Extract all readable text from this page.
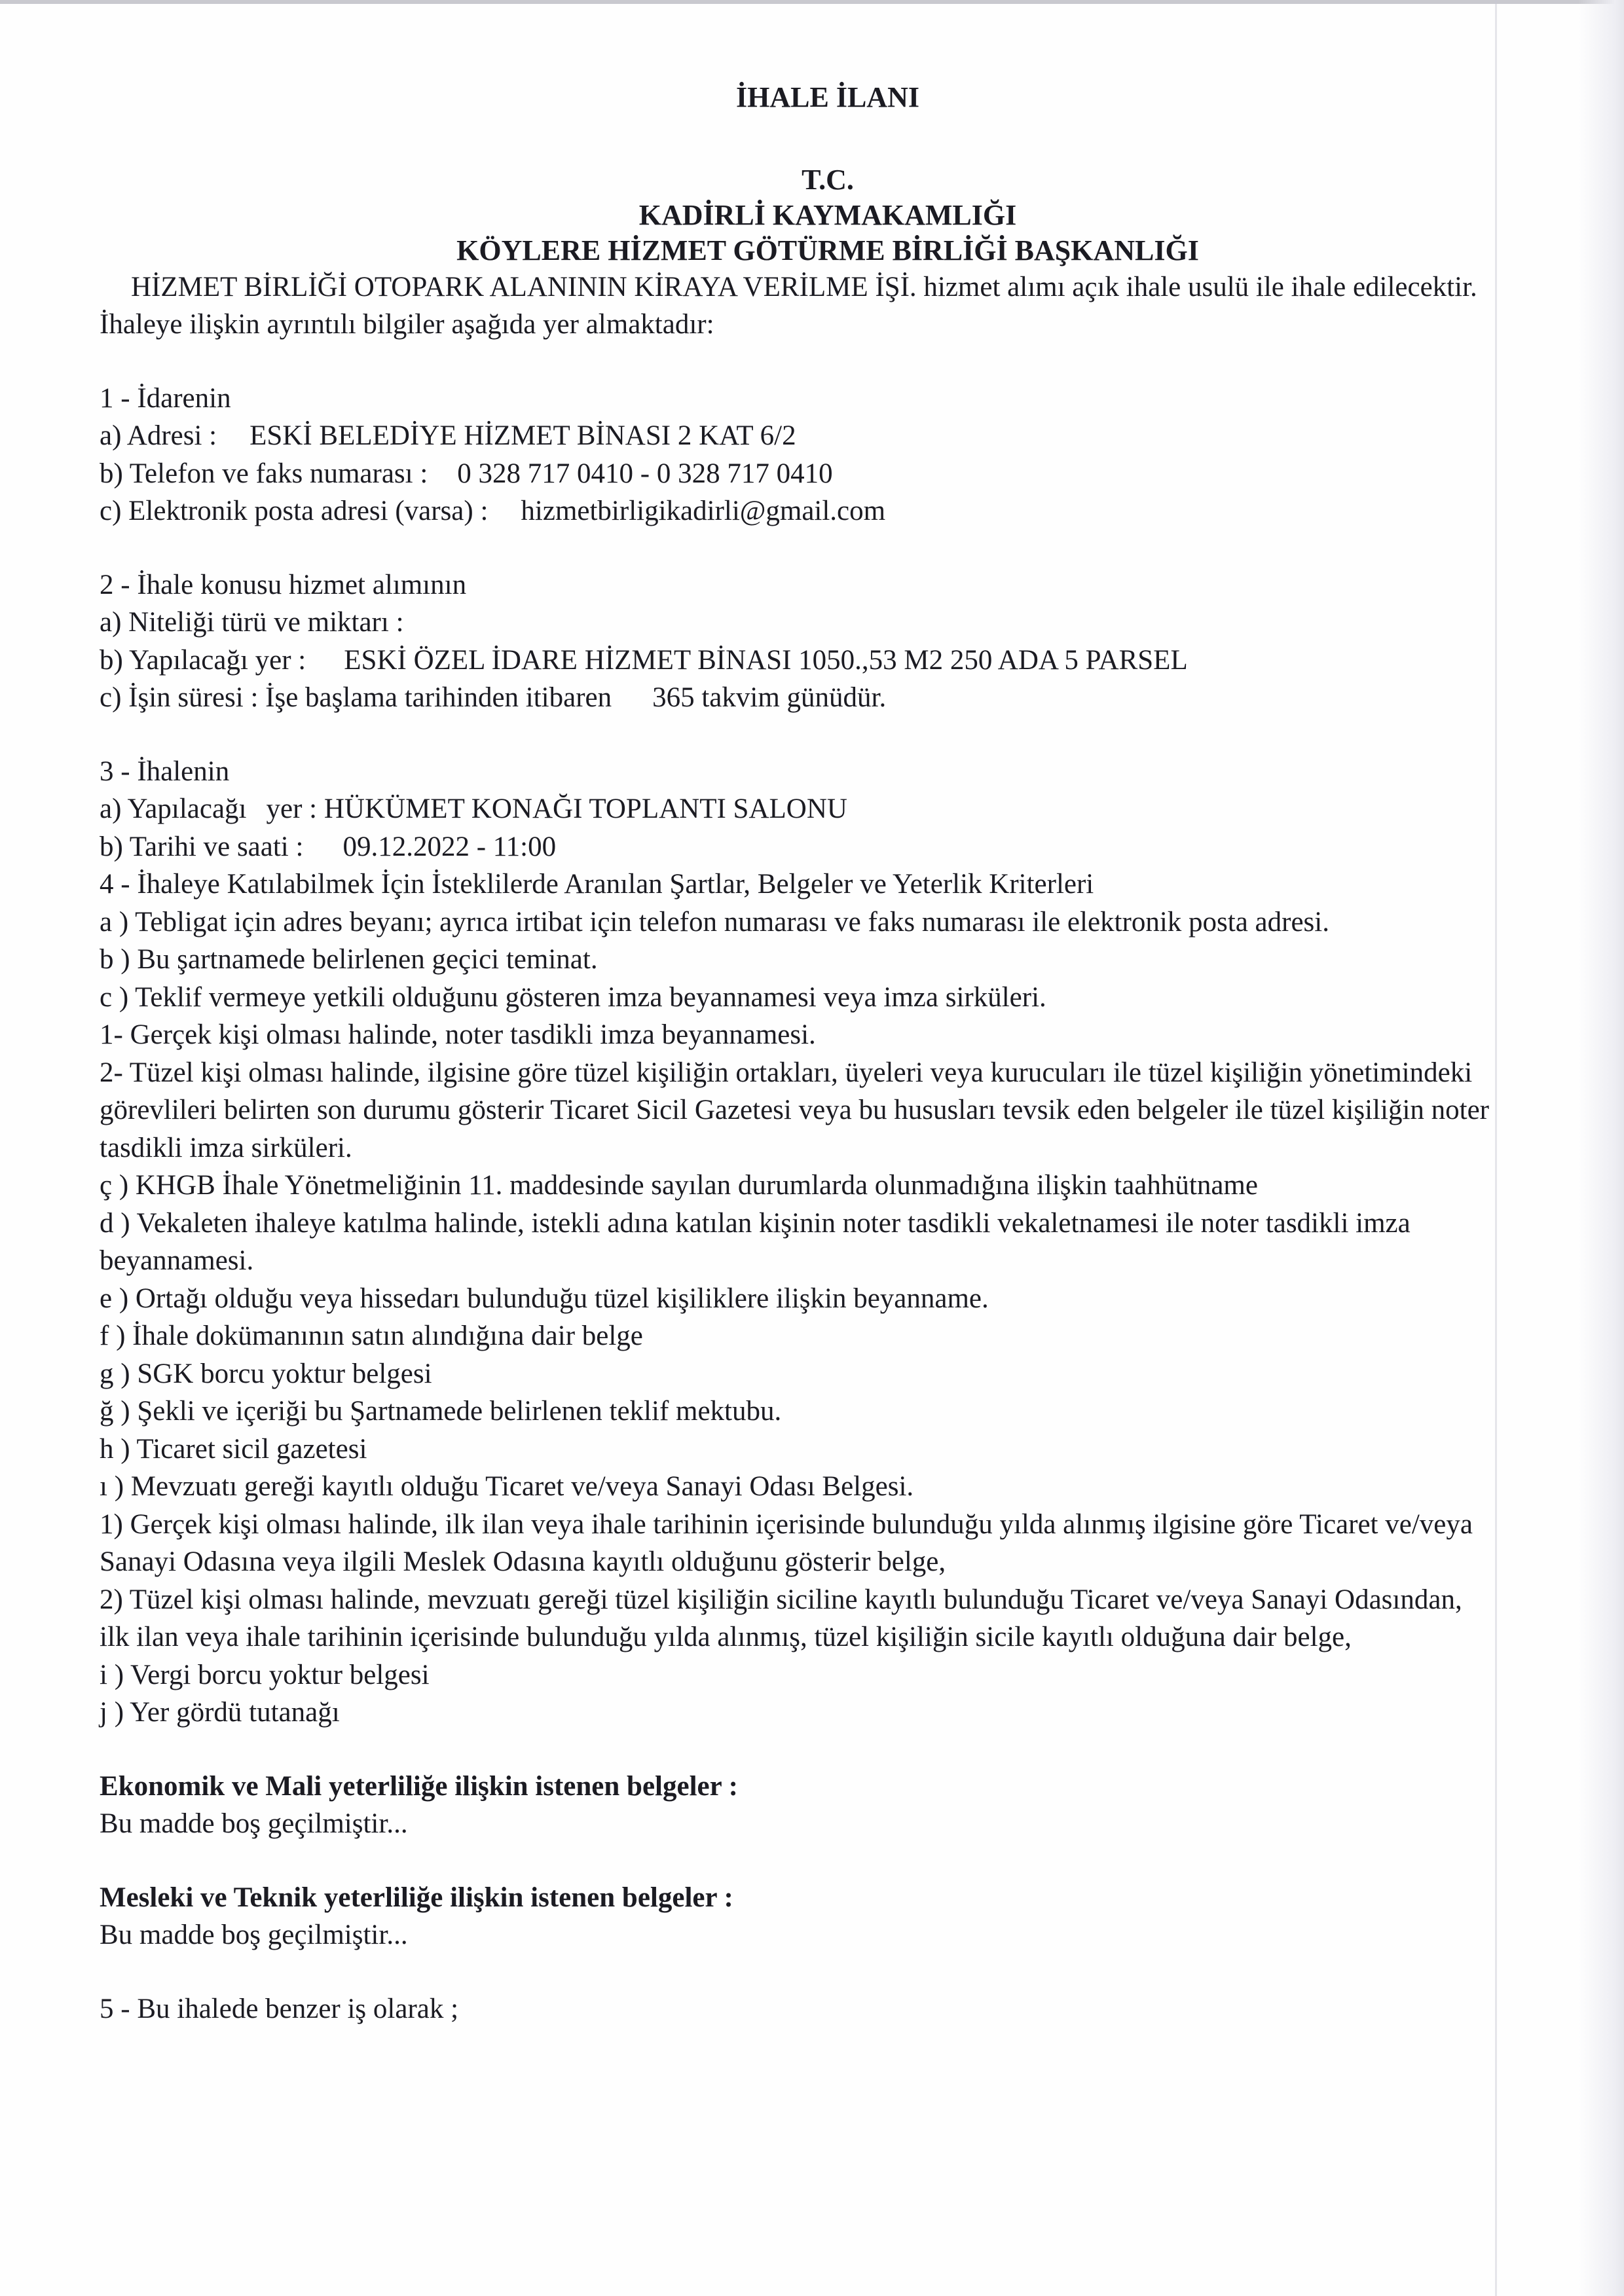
İHALE İLANI
T.C.
KADİRLİ KAYMAKAMLIĞI
KÖYLERE HİZMET GÖTÜRME BİRLİĞİ BAŞKANLIĞI

HİZMET BİRLİĞİ OTOPARK ALANININ KİRAYA VERİLME İŞİ. hizmet alımı açık ihale usulü ile ihale edilecektir. İhaleye ilişkin ayrıntılı bilgiler aşağıda yer almaktadır:

1 - İdarenin
a) Adresi : ESKİ BELEDİYE HİZMET BİNASI 2 KAT 6/2
b) Telefon ve faks numarası : 0 328 717 0410 - 0 328 717 0410
c) Elektronik posta adresi (varsa) : hizmetbirligikadirli@gmail.com
2 - İhale konusu hizmet alımının
a) Niteliği türü ve miktarı :
b) Yapılacağı yer : ESKİ ÖZEL İDARE HİZMET BİNASI 1050.,53 M2 250 ADA 5 PARSEL
c) İşin süresi : İşe başlama tarihinden itibaren 365 takvim günüdür.
3 - İhalenin
a) Yapılacağı yer : HÜKÜMET KONAĞI TOPLANTI SALONU
b) Tarihi ve saati : 09.12.2022 - 11:00
4 - İhaleye Katılabilmek İçin İsteklilerde Aranılan Şartlar, Belgeler ve Yeterlik Kriterleri
a ) Tebligat için adres beyanı; ayrıca irtibat için telefon numarası ve faks numarası ile elektronik posta adresi.
b ) Bu şartnamede belirlenen geçici teminat.
c ) Teklif vermeye yetkili olduğunu gösteren imza beyannamesi veya imza sirküleri.
1- Gerçek kişi olması halinde, noter tasdikli imza beyannamesi.
2- Tüzel kişi olması halinde, ilgisine göre tüzel kişiliğin ortakları, üyeleri veya kurucuları ile tüzel kişiliğin yönetimindeki görevlileri belirten son durumu gösterir Ticaret Sicil Gazetesi veya bu hususları tevsik eden belgeler ile tüzel kişiliğin noter tasdikli imza sirküleri.
ç ) KHGB İhale Yönetmeliğinin 11. maddesinde sayılan durumlarda olunmadığına ilişkin taahhütname
d ) Vekaleten ihaleye katılma halinde, istekli adına katılan kişinin noter tasdikli vekaletnamesi ile noter tasdikli imza beyannamesi.
e ) Ortağı olduğu veya hissedarı bulunduğu tüzel kişiliklere ilişkin beyanname.
f ) İhale dokümanının satın alındığına dair belge
g ) SGK borcu yoktur belgesi
ğ ) Şekli ve içeriği bu Şartnamede belirlenen teklif mektubu.
h ) Ticaret sicil gazetesi
ı ) Mevzuatı gereği kayıtlı olduğu Ticaret ve/veya Sanayi Odası Belgesi.
1) Gerçek kişi olması halinde, ilk ilan veya ihale tarihinin içerisinde bulunduğu yılda alınmış ilgisine göre Ticaret ve/veya Sanayi Odasına veya ilgili Meslek Odasına kayıtlı olduğunu gösterir belge,
2) Tüzel kişi olması halinde, mevzuatı gereği tüzel kişiliğin siciline kayıtlı bulunduğu Ticaret ve/veya Sanayi Odasından, ilk ilan veya ihale tarihinin içerisinde bulunduğu yılda alınmış, tüzel kişiliğin sicile kayıtlı olduğuna dair belge,
i ) Vergi borcu yoktur belgesi
j ) Yer gördü tutanağı
Ekonomik ve Mali yeterliliğe ilişkin istenen belgeler :
Bu madde boş geçilmiştir...
Mesleki ve Teknik yeterliliğe ilişkin istenen belgeler :
Bu madde boş geçilmiştir...
5 - Bu ihalede benzer iş olarak ;
